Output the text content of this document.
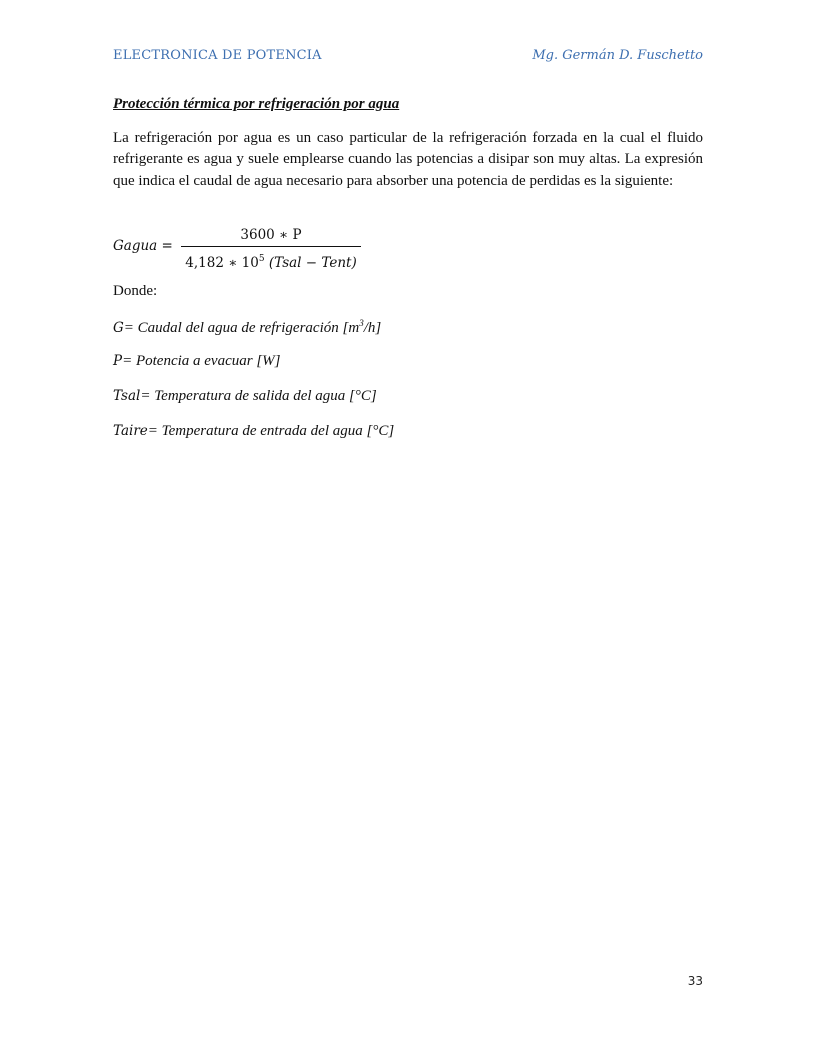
ELECTRONICA DE POTENCIA	Mg. Germán D. Fuschetto
Protección térmica por refrigeración por agua
La refrigeración por agua es un caso particular de la refrigeración forzada en la cual el fluido refrigerante es agua y suele emplearse cuando las potencias a disipar son muy altas. La expresión que indica el caudal de agua necesario para absorber una potencia de perdidas es la siguiente:
Gagua =
3600 ∗ P
4,182 ∗ $10^5$ (Tsal − Tent)
Donde:
G= Caudal del agua de refrigeración $[m^3/h]$
P= Potencia a evacuar [W]
Tsal= Temperatura de salida del agua [°C]
Taire= Temperatura de entrada del agua [°C]
33
